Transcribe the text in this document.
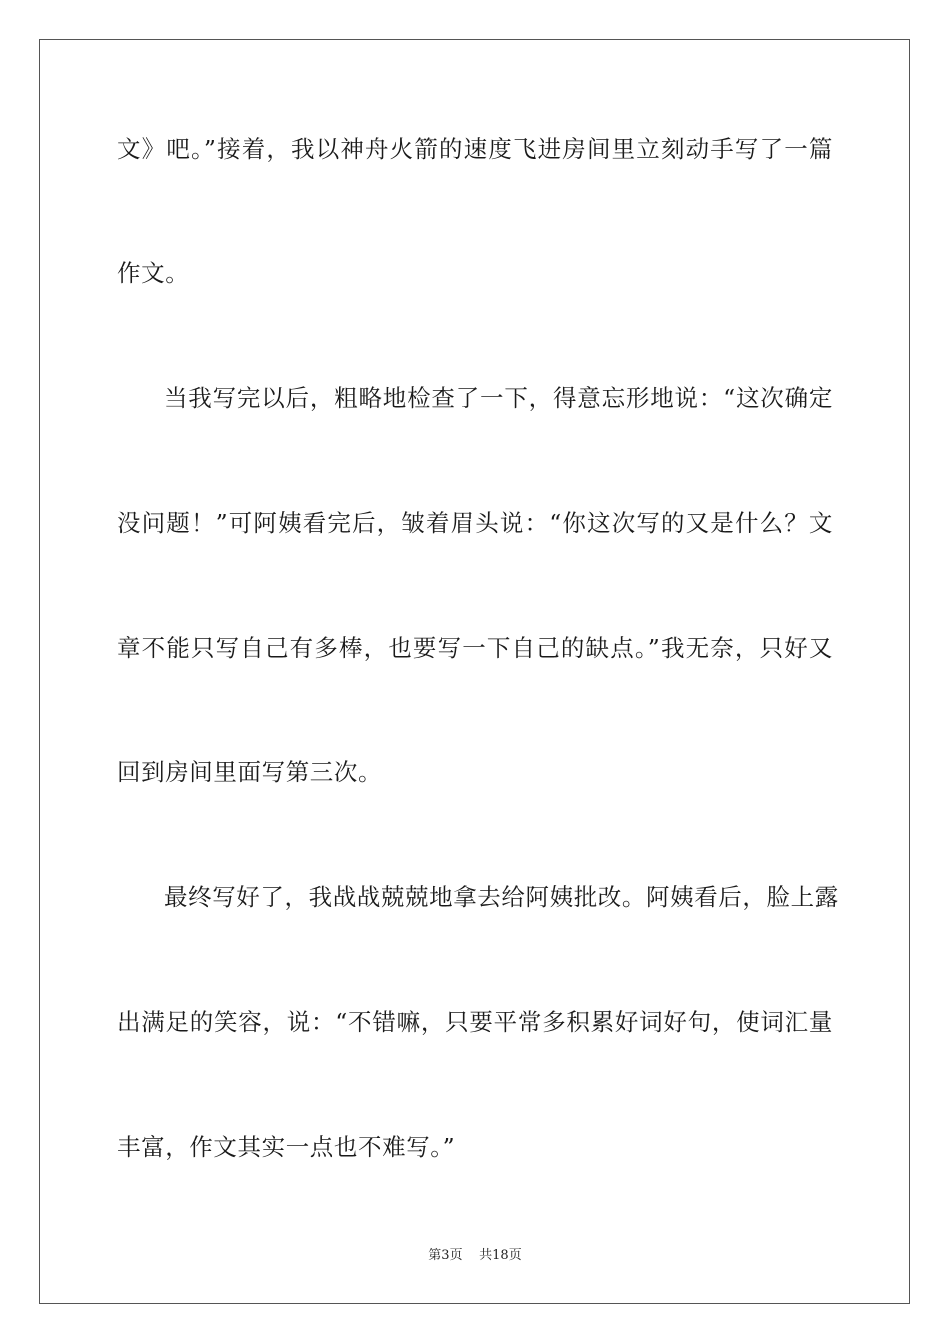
文》吧。”接着，我以神舟火箭的速度飞进房间里立刻动手写了一篇
作文。
当我写完以后，粗略地检查了一下，得意忘形地说：“这次确定
没问题！”可阿姨看完后，皱着眉头说：“你这次写的又是什么？文
章不能只写自己有多棒，也要写一下自己的缺点。”我无奈，只好又
回到房间里面写第三次。
最终写好了，我战战兢兢地拿去给阿姨批改。阿姨看后，脸上露
出满足的笑容，说：“不错嘛，只要平常多积累好词好句，使词汇量
丰富，作文其实一点也不难写。”
第3页 共18页
